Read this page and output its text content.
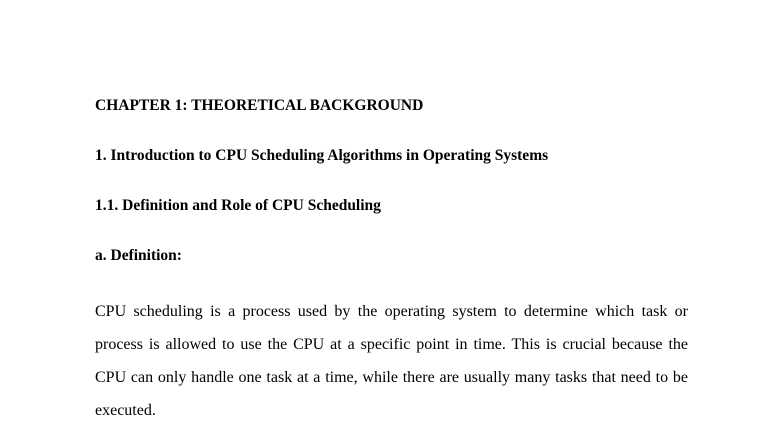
CHAPTER 1: THEORETICAL BACKGROUND
1. Introduction to CPU Scheduling Algorithms in Operating Systems
1.1. Definition and Role of CPU Scheduling
a. Definition:

CPU scheduling is a process used by the operating system to determine which task or process is allowed to use the CPU at a specific point in time. This is crucial because the CPU can only handle one task at a time, while there are usually many tasks that need to be executed.
